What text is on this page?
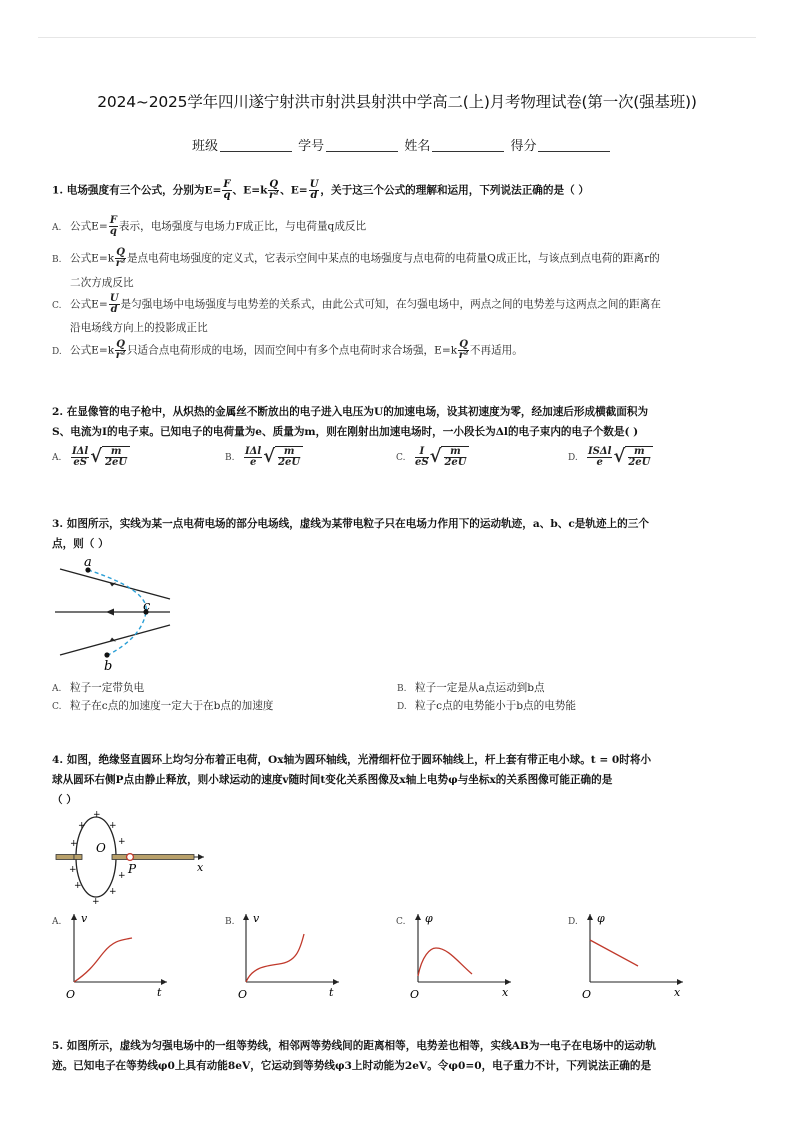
2024~2025学年四川遂宁射洪市射洪县射洪中学高二(上)月考物理试卷(第一次(强基班))
班级	学号	姓名	得分
1. 电场强度有三个公式，分别为$E= \frac{F}{q}$ 、$E=k \frac{Q}{\text{r²}}$ 、$E= \frac{U}{d}$ ，关于这三个公式的理解和运用，下列说法正确的是（ ）
A. 公式$E= \frac{F}{q}$ 表示，电场强度与电场力F成正比，与电荷量q成反比
B. 公式$E=k \frac{Q}{\text{r²}}$ 是点电荷电场强度的定义式，它表示空间中某点的电场强度与点电荷的电荷量Q成正比，与该点到点电荷的距离r的
二次方成反比
C. 公式$E= \frac{U}{d}$ 是匀强电场中电场强度与电势差的关系式，由此公式可知，在匀强电场中，两点之间的电势差与这两点之间的距离在
沿电场线方向上的投影成正比
D. 公式$E=k \frac{Q}{\text{r²}}$ 只适合点电荷形成的电场，因而空间中有多个点电荷时求合场强，$E=k \frac{Q}{\text{r²}}$ 不再适用。
2. 在显像管的电子枪中，从炽热的金属丝不断放出的电子进入电压为U的加速电场，设其初速度为零，经加速后形成横截面积为
S、电流为I的电子束。已知电子的电荷量为e、质量为m，则在刚射出加速电场时，一小段长为Δl的电子束内的电子个数是( )
A. $\frac{\text{IΔl}}{eS}$ √ $\frac{m}{2eU}$	B. $\frac{\text{IΔl}}{e}$ √ $\frac{m}{2eU}$	C. $\frac{I}{eS}$ √ $\frac{m}{2eU}$	D. $\frac{\text{ISΔl}}{e}$ √ $\frac{m}{2eU}$
3. 如图所示，实线为某一点电荷电场的部分电场线，虚线为某带电粒子只在电场力作用下的运动轨迹，a、b、c是轨迹上的三个
点，则（ ）
a
c
b
A. 粒子一定带负电	B. 粒子一定是从a点运动到b点
C. 粒子在c点的加速度一定大于在b点的加速度	D. 粒子c点的电势能小于b点的电势能
4. 如图，绝缘竖直圆环上均匀分布着正电荷，Ox轴为圆环轴线，光滑细杆位于圆环轴线上，杆上套有带正电小球。t = 0时将小
球从圆环右侧P点由静止释放，则小球运动的速度v随时间t变化关系图像及x轴上电势φ与坐标x的关系图像可能正确的是
（ ）
O
P	x
+
+	+
+	+
+
+
+
+
+
A.	v
t
O
B.	v
t
O
C.	φ
x
O
D.	φ
x
O
5. 如图所示，虚线为匀强电场中的一组等势线，相邻两等势线间的距离相等，电势差也相等，实线AB为一电子在电场中的运动轨
迹。已知电子在等势线φ0上具有动能8eV，它运动到等势线φ3上时动能为2eV。令φ0=0，电子重力不计，下列说法正确的是
